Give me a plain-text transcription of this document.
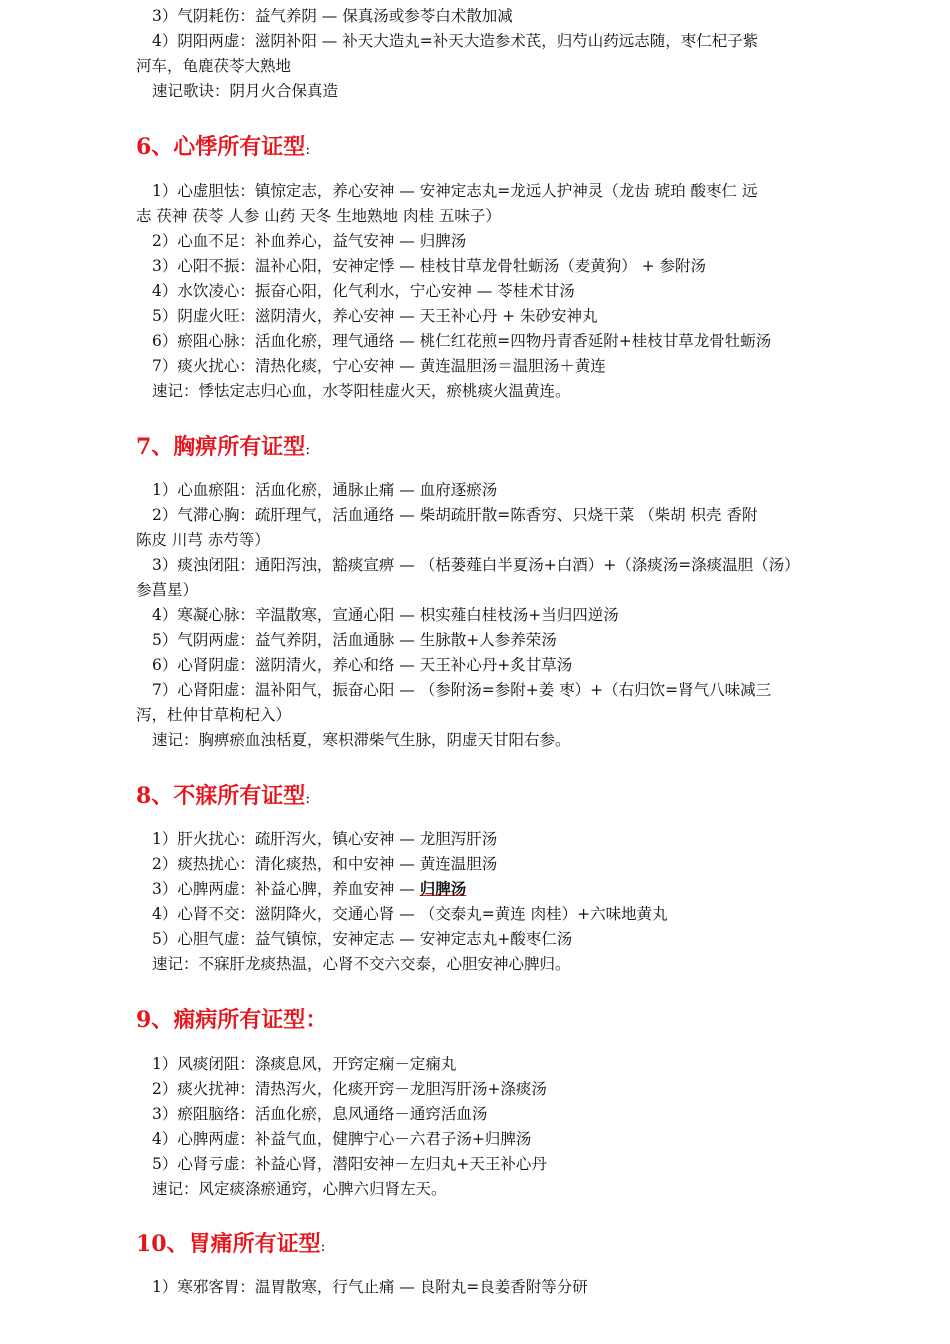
3）气阴耗伤：益气养阴 — 保真汤或参苓白术散加减
4）阴阳两虚：滋阴补阳 — 补天大造丸=补天大造参术芪，归芍山药远志随，枣仁杞子紫
河车，龟鹿茯苓大熟地
速记歌诀：阴月火合保真造
6、心悸所有证型:
1）心虚胆怯：镇惊定志，养心安神 — 安神定志丸=龙远人护神灵（龙齿 琥珀 酸枣仁 远
志 茯神 茯苓 人参 山药 天冬 生地熟地 肉桂 五味子）
2）心血不足：补血养心，益气安神 — 归脾汤
3）心阳不振：温补心阳，安神定悸 — 桂枝甘草龙骨牡蛎汤（麦黄狗） + 参附汤
4）水饮凌心：振奋心阳，化气利水，宁心安神 — 苓桂术甘汤
5）阴虚火旺：滋阴清火，养心安神 — 天王补心丹 + 朱砂安神丸
6）瘀阻心脉：活血化瘀，理气通络 — 桃仁红花煎=四物丹青香延附+桂枝甘草龙骨牡蛎汤
7）痰火扰心：清热化痰，宁心安神 — 黄连温胆汤＝温胆汤＋黄连
速记：悸怯定志归心血，水苓阳桂虚火天，瘀桃痰火温黄连。
7、胸痹所有证型:
1）心血瘀阻：活血化瘀，通脉止痛 — 血府逐瘀汤
2）气滞心胸：疏肝理气，活血通络 — 柴胡疏肝散=陈香穷、只烧干菜 （柴胡 枳壳 香附
陈皮 川芎 赤芍等）
3）痰浊闭阻：通阳泻浊，豁痰宣痹 — （栝蒌薤白半夏汤+白酒）+（涤痰汤=涤痰温胆（汤）
参菖星）
4）寒凝心脉：辛温散寒，宣通心阳 — 枳实薤白桂枝汤+当归四逆汤
5）气阴两虚：益气养阴，活血通脉 — 生脉散+人参养荣汤
6）心肾阴虚：滋阴清火，养心和络 — 天王补心丹+炙甘草汤
7）心肾阳虚：温补阳气，振奋心阳 — （参附汤=参附+姜 枣）+（右归饮=肾气八味减三
泻，杜仲甘草枸杞入）
速记：胸痹瘀血浊栝夏，寒枳滞柴气生脉，阴虚天甘阳右参。
8、不寐所有证型:
1）肝火扰心：疏肝泻火，镇心安神 — 龙胆泻肝汤
2）痰热扰心：清化痰热，和中安神 — 黄连温胆汤
3）心脾两虚：补益心脾，养血安神 — 归脾汤
4）心肾不交：滋阴降火，交通心肾 — （交泰丸=黄连 肉桂）+六味地黄丸
5）心胆气虚：益气镇惊，安神定志 — 安神定志丸+酸枣仁汤
速记：不寐肝龙痰热温，心肾不交六交泰，心胆安神心脾归。
9、痫病所有证型：
1）风痰闭阻：涤痰息风，开窍定痫－定痫丸
2）痰火扰神：清热泻火，化痰开窍－龙胆泻肝汤+涤痰汤
3）瘀阻脑络：活血化瘀，息风通络－通窍活血汤
4）心脾两虚：补益气血，健脾宁心－六君子汤+归脾汤
5）心肾亏虚：补益心肾，潜阳安神－左归丸+天王补心丹
速记：风定痰涤瘀通窍，心脾六归肾左天。
10、胃痛所有证型:
1）寒邪客胃：温胃散寒，行气止痛 — 良附丸=良姜香附等分研
